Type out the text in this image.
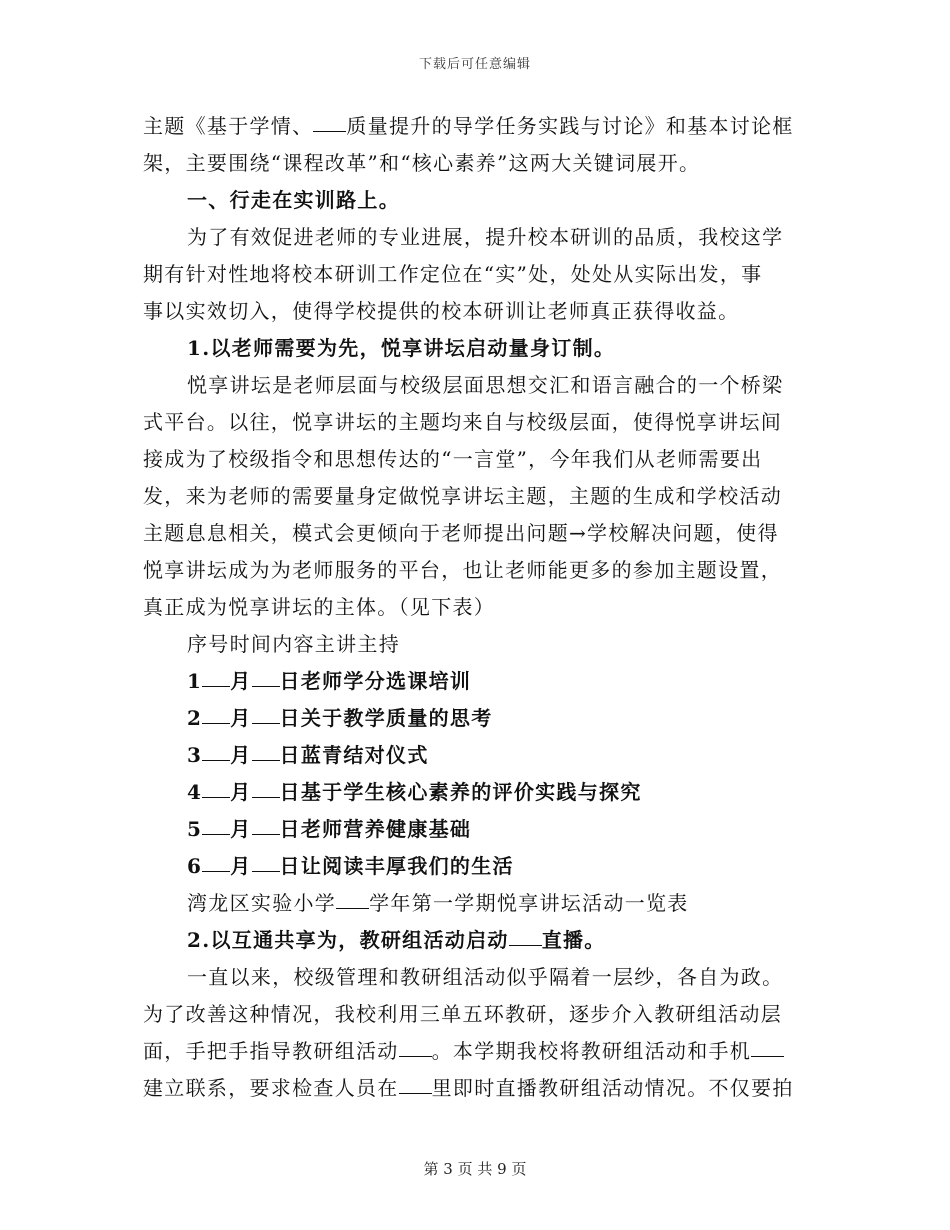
下载后可任意编辑
主题《基于学情、 质量提升的导学任务实践与讨论》和基本讨论框
架，主要围绕“课程改革”和“核心素养”这两大关键词展开。
一、行走在实训路上。
为了有效促进老师的专业进展，提升校本研训的品质，我校这学
期有针对性地将校本研训工作定位在“实”处，处处从实际出发，事
事以实效切入，使得学校提供的校本研训让老师真正获得收益。
1.以老师需要为先，悦享讲坛启动量身订制。
悦享讲坛是老师层面与校级层面思想交汇和语言融合的一个桥梁
式平台。以往，悦享讲坛的主题均来自与校级层面，使得悦享讲坛间
接成为了校级指令和思想传达的“一言堂”，今年我们从老师需要出
发，来为老师的需要量身定做悦享讲坛主题，主题的生成和学校活动
主题息息相关，模式会更倾向于老师提出问题→学校解决问题，使得
悦享讲坛成为为老师服务的平台，也让老师能更多的参加主题设置，
真正成为悦享讲坛的主体。（见下表）
序号时间内容主讲主持
1 月 日老师学分选课培训
2 月 日关于教学质量的思考
3 月 日蓝青结对仪式
4 月 日基于学生核心素养的评价实践与探究
5 月 日老师营养健康基础
6 月 日让阅读丰厚我们的生活
湾龙区实验小学 学年第一学期悦享讲坛活动一览表
2.以互通共享为，教研组活动启动 直播。
一直以来，校级管理和教研组活动似乎隔着一层纱，各自为政。
为了改善这种情况，我校利用三单五环教研，逐步介入教研组活动层
面，手把手指导教研组活动 。本学期我校将教研组活动和手机
建立联系，要求检查人员在 里即时直播教研组活动情况。不仅要拍
第 3 页 共 9 页
